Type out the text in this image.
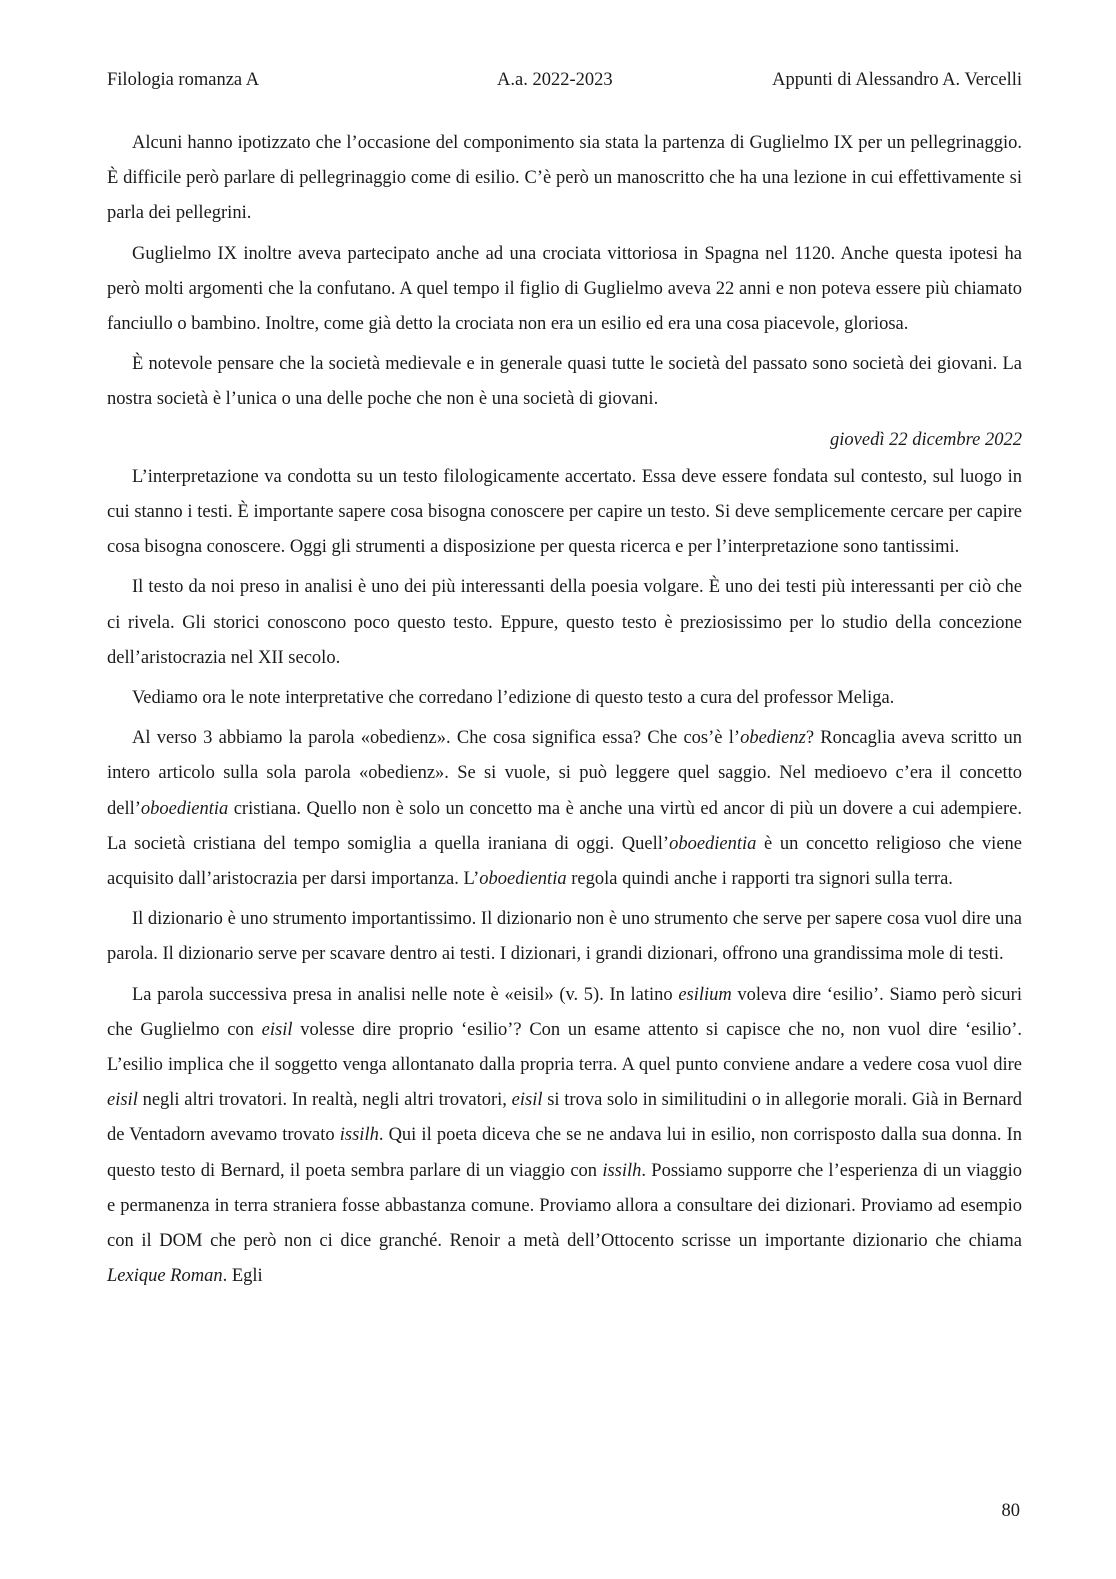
Filologia romanza A	A.a. 2022-2023	Appunti di Alessandro A. Vercelli

Alcuni hanno ipotizzato che l’occasione del componimento sia stata la partenza di Guglielmo IX per un pellegrinaggio. È difficile però parlare di pellegrinaggio come di esilio. C’è però un manoscritto che ha una lezione in cui effettivamente si parla dei pellegrini.

Guglielmo IX inoltre aveva partecipato anche ad una crociata vittoriosa in Spagna nel 1120. Anche questa ipotesi ha però molti argomenti che la confutano. A quel tempo il figlio di Guglielmo aveva 22 anni e non poteva essere più chiamato fanciullo o bambino. Inoltre, come già detto la crociata non era un esilio ed era una cosa piacevole, gloriosa.

È notevole pensare che la società medievale e in generale quasi tutte le società del passato sono società dei giovani. La nostra società è l’unica o una delle poche che non è una società di giovani.

giovedì 22 dicembre 2022

L’interpretazione va condotta su un testo filologicamente accertato. Essa deve essere fondata sul contesto, sul luogo in cui stanno i testi. È importante sapere cosa bisogna conoscere per capire un testo. Si deve semplicemente cercare per capire cosa bisogna conoscere. Oggi gli strumenti a disposizione per questa ricerca e per l’interpretazione sono tantissimi.

Il testo da noi preso in analisi è uno dei più interessanti della poesia volgare. È uno dei testi più interessanti per ciò che ci rivela. Gli storici conoscono poco questo testo. Eppure, questo testo è preziosissimo per lo studio della concezione dell’aristocrazia nel XII secolo.

Vediamo ora le note interpretative che corredano l’edizione di questo testo a cura del professor Meliga.

Al verso 3 abbiamo la parola «obedienz». Che cosa significa essa? Che cos’è l’obedienz? Roncaglia aveva scritto un intero articolo sulla sola parola «obedienz». Se si vuole, si può leggere quel saggio. Nel medioevo c’era il concetto dell’oboedientia cristiana. Quello non è solo un concetto ma è anche una virtù ed ancor di più un dovere a cui adempiere. La società cristiana del tempo somiglia a quella iraniana di oggi. Quell’oboedientia è un concetto religioso che viene acquisito dall’aristocrazia per darsi importanza. L’oboedientia regola quindi anche i rapporti tra signori sulla terra.

Il dizionario è uno strumento importantissimo. Il dizionario non è uno strumento che serve per sapere cosa vuol dire una parola. Il dizionario serve per scavare dentro ai testi. I dizionari, i grandi dizionari, offrono una grandissima mole di testi.

La parola successiva presa in analisi nelle note è «eisil» (v. 5). In latino esilium voleva dire ‘esilio’. Siamo però sicuri che Guglielmo con eisil volesse dire proprio ‘esilio’? Con un esame attento si capisce che no, non vuol dire ‘esilio’. L’esilio implica che il soggetto venga allontanato dalla propria terra. A quel punto conviene andare a vedere cosa vuol dire eisil negli altri trovatori. In realtà, negli altri trovatori, eisil si trova solo in similitudini o in allegorie morali. Già in Bernard de Ventadorn avevamo trovato issilh. Qui il poeta diceva che se ne andava lui in esilio, non corrisposto dalla sua donna. In questo testo di Bernard, il poeta sembra parlare di un viaggio con issilh. Possiamo supporre che l’esperienza di un viaggio e permanenza in terra straniera fosse abbastanza comune. Proviamo allora a consultare dei dizionari. Proviamo ad esempio con il DOM che però non ci dice granché. Renoir a metà dell’Ottocento scrisse un importante dizionario che chiama Lexique Roman. Egli

80
